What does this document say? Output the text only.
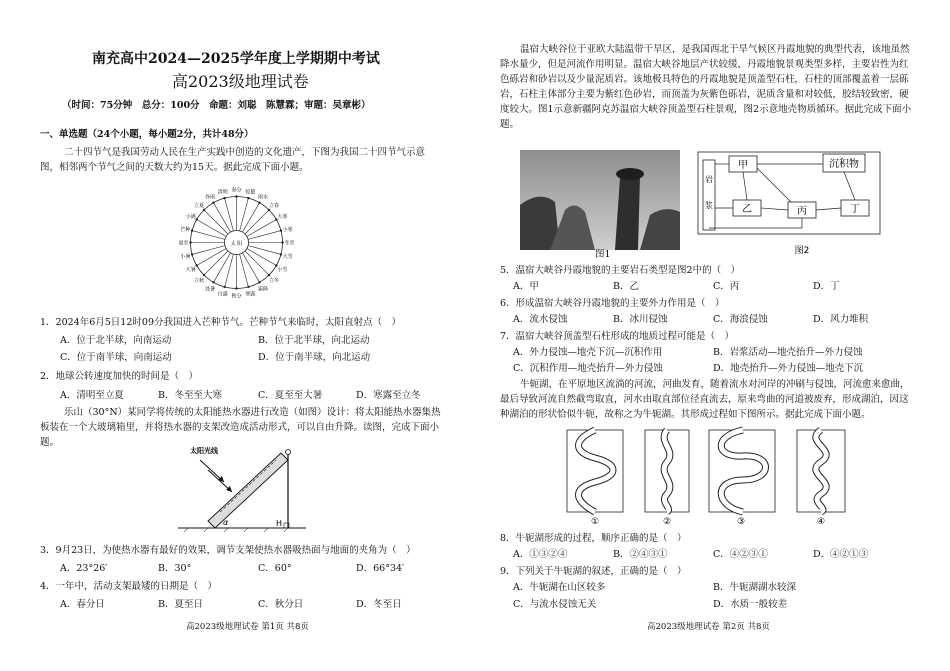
南充高中2024—2025学年度上学期期中考试
高2023级地理试卷
（时间：75分钟　总分：100分　命题：刘聪　陈慧霖；审题：吴章彬）
一、单选题（24个小题，每小题2分，共计48分）
二十四节气是我国劳动人民在生产实践中创造的文化遗产，下图为我国二十四节气示意图，相邻两个节气之间的天数大约为15天。据此完成下面小题。
春分
清明
谷雨
立夏
小满
芒种
夏至
小暑
大暑
立秋
处暑
白露 秋分 寒露
霜降
立冬
小雪
大雪
冬至
小寒
大寒
立春
雨水
惊蛰
太 阳
1．2024年6月5日12时09分我国进入芒种节气。芒种节气来临时，太阳直射点（　）
A．位于北半球，向南运动	B．位于北半球，向北运动
C．位于南半球，向南运动	D．位于南半球，向北运动
2．地球公转速度加快的时间是（　）
A．清明至立夏	B．冬至至大寒	C．夏至至大暑	D．寒露至立冬
乐山（30°N）某同学将传统的太阳能热水器进行改造（如图）设计：将太阳能热水器集热板装在一个大玻璃箱里，并将热水器的支架改造成活动形式，可以自由升降。读图，完成下面小题。
太阳光线
α	H
3．9月23日，为使热水器有最好的效果，调节支架使热水器吸热面与地面的夹角为（　）
A．23°26′	B．30°	C．60°	D．66°34′
4．一年中，活动支架最矮的日期是（　）
A．春分日	B．夏至日	C．秋分日	D．冬至日
高2023级地理试卷 第1页 共8页
温宿大峡谷位于亚欧大陆温带干旱区，是我国西北干旱气候区丹霞地貌的典型代表，该地虽然降水量少，但是河流作用明显。温宿大峡谷地层产状较缓，丹霞地貌景观类型多样，主要岩性为红色砾岩和砂岩以及少量泥质岩。该地极具特色的丹霞地貌是顶盖型石柱，石柱的顶部覆盖着一层砾岩，石柱主体部分主要为紫红色砂岩，而顶盖为灰紫色砾岩，泥质含量和对较低，胶结较致密，硬度较大。图1示意新疆阿克苏温宿大峡谷顶盖型石柱景观，图2示意地壳物质循环。据此完成下面小题。
图1
岩
浆
甲	沉积物
乙	丙	丁
图2
5．温宿大峡谷丹霞地貌的主要岩石类型是图2中的（　）
A．甲	B．乙	C．丙	D．丁
6．形成温宿大峡谷丹霞地貌的主要外力作用是（　）
A．流水侵蚀	B．冰川侵蚀	C．海浪侵蚀	D．风力堆积
7．温宿大峡谷顶盖型石柱形成的地质过程可能是（　）
A．外力侵蚀—地壳下沉—沉积作用	B．岩浆活动—地壳抬升—外力侵蚀
C．沉积作用—地壳抬升—外力侵蚀	D．地壳抬升—外力侵蚀—地壳下沉
牛轭湖，在平原地区流淌的河流，河曲发育，随着流水对河岸的冲刷与侵蚀，河流愈来愈曲，最后导致河流自然截弯取直，河水由取直部位径直流去，原来弯曲的河道被废弃，形成湖泊，因这种湖泊的形状恰似牛轭，故称之为牛轭湖。其形成过程如下图所示。据此完成下面小题。
①	②	③	④
8．牛轭湖形成的过程，顺序正确的是（　）
A．①③②④	B．②④③①	C．④②③①	D．④②①③
9．下列关于牛轭湖的叙述，正确的是（　）
A．牛轭湖在山区较多	B．牛轭湖湖水较深
C．与流水侵蚀无关	D．水质一般较差
高2023级地理试卷 第2页 共8页
